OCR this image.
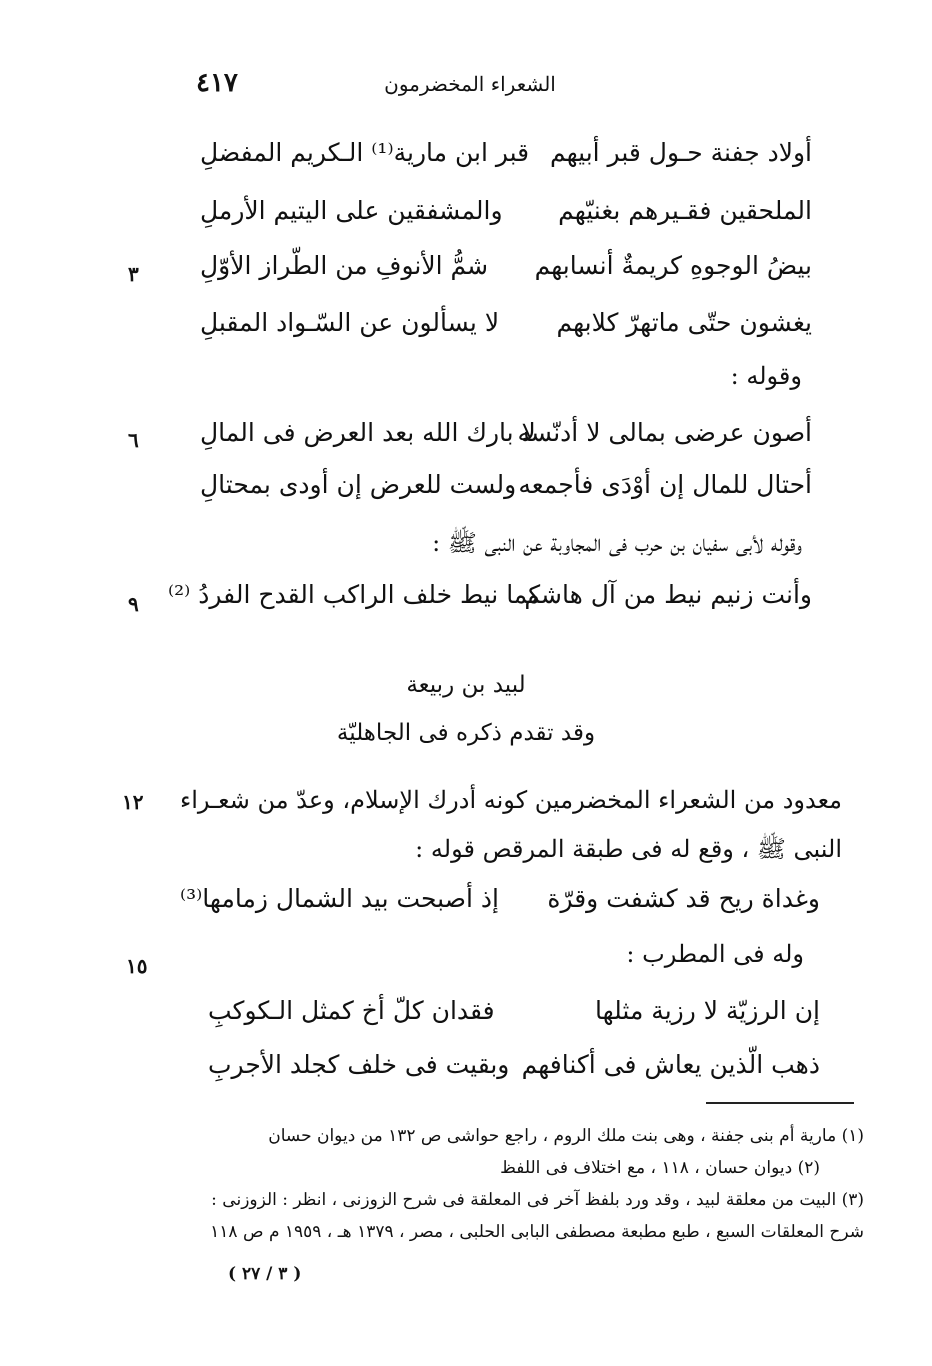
الشعراء المخضرمون
٤١٧
أولاد جفنة حـول قبر أبيهم
قبر ابن مارية⁽¹⁾ الـكريم المفضلِ
الملحقين فقـيرهم بغنيّهم
والمشفقين على اليتيم الأرملِ
بيضُ الوجوهِ كريمةٌ أنسابهم
شمُّ الأنوفِ من الطّراز الأوّلِ
٣
يغشون حتّى ماتهرّ كلابهم
لا يسألون عن السّـواد المقبلِ
وقوله :
أصون عرضى بمالى لا أدنّسه
لا بارك الله بعد العرض فى المالِ
٦
أحتال للمال إن أوْدَى فأجمعه
ولست للعرض إن أودى بمحتالِ
وقوله لأبى سفيان بن حرب فى المجاوبة عن النبى ﷺ :
وأنت زنيم نيط من آل هاشم
كما نيط خلف الراكب القدح الفردُ ⁽²⁾
٩
لبيد بن ربيعة
وقد تقدم ذكره فى الجاهليّة
معدود من الشعراء المخضرمين كونه أدرك الإسلام، وعدّ من شعـراء
١٢
النبى ﷺ ، وقع له فى طبقة المرقص قوله :
وغداة ريح قد كشفت وقرّة
إذ أصبحت بيد الشمال زمامها⁽³⁾
وله فى المطرب :
١٥
إن الرزيّة لا رزية مثلها
فقدان كلّ أخ كمثل الـكوكبِ
ذهب الّذين يعاش فى أكنافهم
وبقيت فى خلف كجلد الأجربِ
(١) مارية أم بنى جفنة ، وهى بنت ملك الروم ، راجع حواشى ص ١٣٢ من ديوان حسان
(٢) ديوان حسان ، ١١٨ ، مع اختلاف فى اللفظ
(٣) البيت من معلقة لبيد ، وقد ورد بلفظ آخر فى المعلقة فى شرح الزوزنى ، انظر : الزوزنى :
شرح المعلقات السبع ، طبع مطبعة مصطفى البابى الحلبى ، مصر ، ١٣٧٩ هـ ، ١٩٥٩ م ص ١١٨
( ٣ / ٢٧ )
